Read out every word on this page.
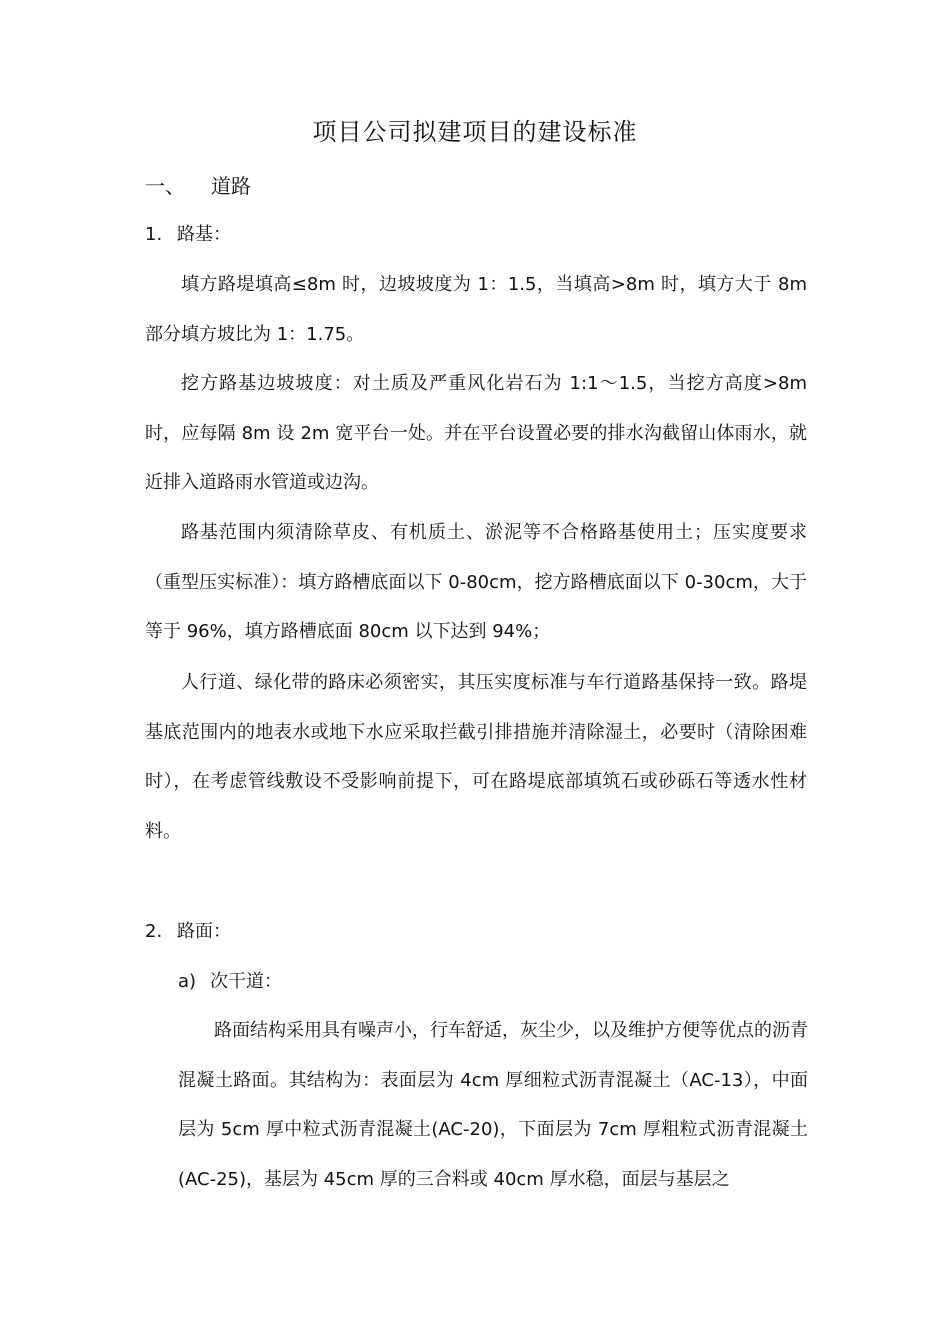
项目公司拟建项目的建设标准
一、 道路
1. 路基：

填方路堤填高≤8m 时，边坡坡度为 1：1.5，当填高>8m 时，填方大于 8m 部分填方坡比为 1：1.75。

挖方路基边坡坡度：对土质及严重风化岩石为 1:1～1.5，当挖方高度>8m 时，应每隔 8m 设 2m 宽平台一处。并在平台设置必要的排水沟截留山体雨水，就近排入道路雨水管道或边沟。

路基范围内须清除草皮、有机质土、淤泥等不合格路基使用土；压实度要求（重型压实标准）：填方路槽底面以下 0-80cm，挖方路槽底面以下 0-30cm，大于等于 96%，填方路槽底面 80cm 以下达到 94%；

人行道、绿化带的路床必须密实，其压实度标准与车行道路基保持一致。路堤基底范围内的地表水或地下水应采取拦截引排措施并清除湿土，必要时（清除困难时），在考虑管线敷设不受影响前提下，可在路堤底部填筑石或砂砾石等透水性材料。

2. 路面：
a) 次干道：

路面结构采用具有噪声小，行车舒适，灰尘少，以及维护方便等优点的沥青混凝土路面。其结构为：表面层为 4cm 厚细粒式沥青混凝土（AC-13），中面层为 5cm 厚中粒式沥青混凝土(AC-20)，下面层为 7cm 厚粗粒式沥青混凝土(AC-25)，基层为 45cm 厚的三合料或 40cm 厚水稳，面层与基层之
